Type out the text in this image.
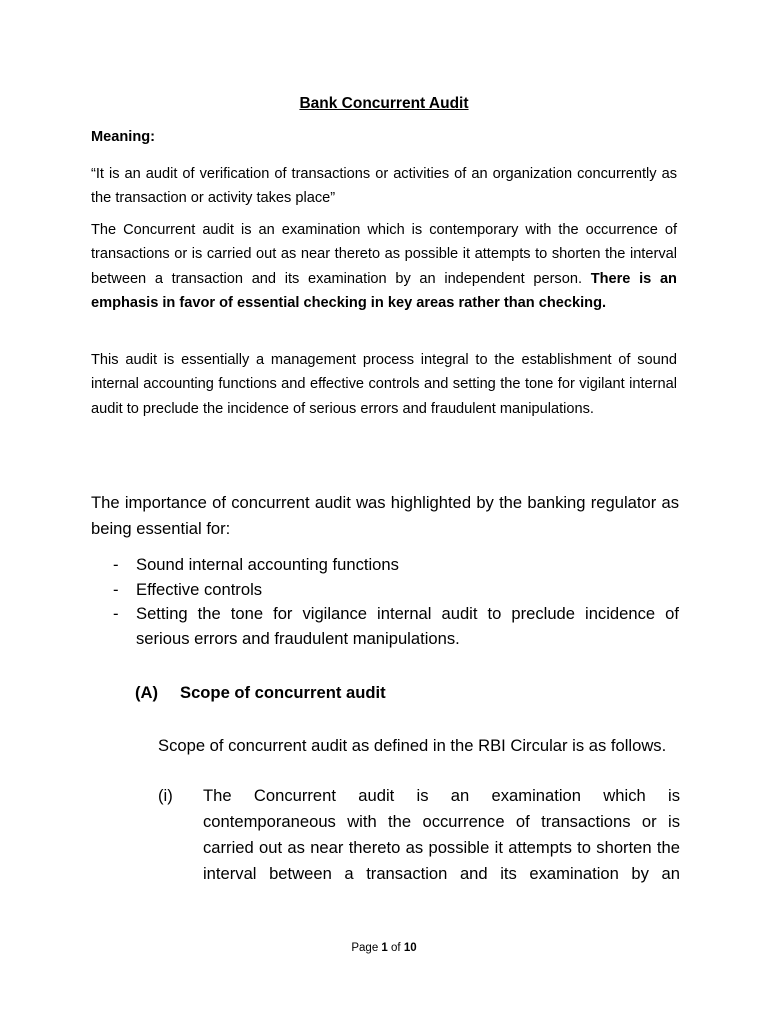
Bank Concurrent Audit
Meaning:
“It is an audit of verification of transactions or activities of an organization concurrently as the transaction or activity takes place”
The Concurrent audit is an examination which is contemporary with the occurrence of transactions or is carried out as near thereto as possible it attempts to shorten the interval between a transaction and its examination by an independent person. There is an emphasis in favor of essential checking in key areas rather than checking.
This audit is essentially a management process integral to the establishment of sound internal accounting functions and effective controls and setting the tone for vigilant internal audit to preclude the incidence of serious errors and fraudulent manipulations.
The importance of concurrent audit was highlighted by the banking regulator as being essential for:
- Sound internal accounting functions
- Effective controls
- Setting the tone for vigilance internal audit to preclude incidence of serious errors and fraudulent manipulations.
(A) Scope of concurrent audit
Scope of concurrent audit as defined in the RBI Circular is as follows.
(i) The Concurrent audit is an examination which is contemporaneous with the occurrence of transactions or is carried out as near thereto as possible it attempts to shorten the interval between a transaction and its examination by an
Page 1 of 10
